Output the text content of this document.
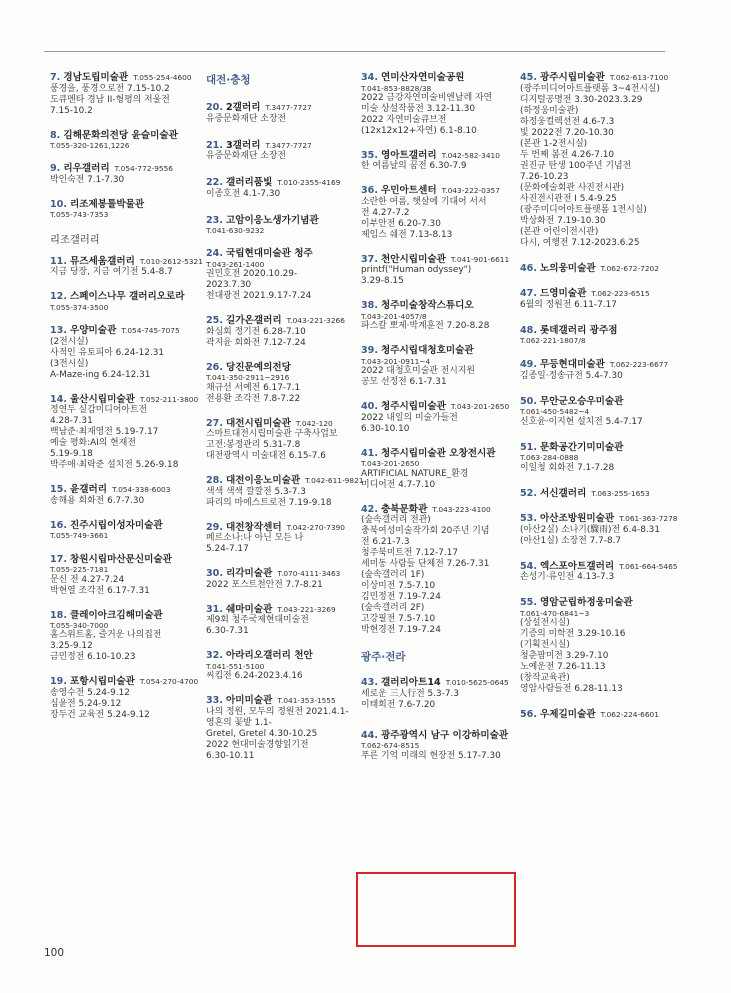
7. 경남도립미술관 T.055-254-4600
풍경을, 풍경으로전 7.15-10.2
도큐멘타 경남 II-형평의 저울전
7.15-10.2
8. 김해문화의전당 윤슬미술관
T.055-320-1261,1226
9. 리우갤러리 T.054-772-9556
박인숙전 7.1-7.30
10. 리조제봉틀박물관
T.055-743-7353
리조갤러리
11. 뮤즈세움갤러리 T.010-2612-5321
지금 당장, 지금 여기전 5.4-8.7
12. 스페이스나무 갤러리오로라
T.055-374-3500
13. 우양미술관 T.054-745-7075
(2전시실)
사적인 유토피아 6.24-12.31
(3전시실)
A-Maze-ing 6.24-12.31
14. 울산시립미술관 T.052-211-3800
정연두 실감미디어아트전
4.28-7.31
백남준·최재영전 5.19-7.17
예술 평화:AI의 현재전
5.19-9.18
박주애·최락준 설치전 5.26-9.18
15. 윤갤러리 T.054-338-6003
송해용 회화전 6.7-7.30
16. 진주시립이성자미술관
T.055-749-3661
17. 창원시립마산문신미술관
T.055-225-7181
문신 전 4.27-7.24
박현열 조각전 6.17-7.31
18. 클레이아크김해미술관
T.055-340-7000
홈스위트홈, 즐거운 나의집전
3.25-9.12
금민정전 6.10-10.23
19. 포항시립미술관 T.054-270-4700
송영수전 5.24-9.12
심윤전 5.24-9.12
장두건 교육전 5.24-9.12
대전·충청
20. 2갤러리 T.3477-7727
유중문화재단 소장전
21. 3갤러리 T.3477-7727
유중문화재단 소장전
22. 갤러리품빛 T.010-2355-4169
이종호전 4.1-7.30
23. 고암이응노생가기념관
T.041-630-9232
24. 국립현대미술관 청주
T.043-261-1400
권민호전 2020.10.29-
2023.7.30
천대광전 2021.9.17-7.24
25. 길가온갤러리 T.043-221-3266
화심회 정기전 6.28-7.10
곽지윤 회화전 7.12-7.24
26. 당진문예의전당
T.041-350-2911~2916
채규선 서예전 6.17-7.1
전용환 조각전 7.8-7.22
27. 대전시립미술관 T.042-120
스마트대전시립미술관 구축사업보
고전:봉정관리 5.31-7.8
대전광역시 미술대전 6.15-7.6
28. 대전이응노미술관 T.042-611-9821
색색 색색 깔깔전 5.3-7.3
파리의 마에스트로전 7.19-9.18
29. 대전창작센터 T.042-270-7390
페르소나:나 아닌 모든 나
5.24-7.17
30. 리각미술관 T.070-4111-3463
2022 포스트천안전 7.7-8.21
31. 쉐마미술관 T.043-221-3269
제9회 청주국제현대미술전
6.30-7.31
32. 아라리오갤러리 천안
T.041-551-5100
씨킴전 6.24-2023.4.16
33. 아미미술관 T.041-353-1555
나의 정원, 모두의 정원전 2021.4.1-
영혼의 꽃밭 1.1-
Gretel, Gretel 4.30-10.25
2022 현대미술경향읽기전
6.30-10.11
34. 연미산자연미술공원
T.041-853-8828/38
2022 금강자연미술비엔날레 자연
미술 상설작품전 3.12-11.30
2022 자연미술큐브전
(12x12x12+자연) 6.1-8.10
35. 영아트갤러리 T.042-582-3410
한 여름날의 꿈전 6.30-7.9
36. 우민아트센터 T.043-222-0357
소란한 여름, 햇살에 기대어 서서
전 4.27-7.2
이부안전 6.20-7.30
제임스 쉐전 7.13-8.13
37. 천안시립미술관 T.041-901-6611
printf("Human odyssey")
3.29-8.15
38. 청주미술창작스튜디오
T.043-201-4057/8
파스칼 뽀제·박계훈전 7.20-8.28
39. 청주시립대청호미술관
T.043-201-0911~4
2022 대청호미술관 전시지원
공모 선정전 6.1-7.31
40. 청주시립미술관 T.043-201-2650
2022 내일의 미술가들전
6.30-10.10
41. 청주시립미술관 오창전시관
T.043-201-2650
ARTIFICIAL NATURE_환경
미디어전 4.7-7.10
42. 충북문화관 T.043-223-4100
(숲속갤러리 전관)
충북여성미술작가회 20주년 기념
전 6.21-7.3
청주북미트전 7.12-7.17
세미동 사람들 단체전 7.26-7.31
(숲속갤러리 1F)
이상미전 7.5-7.10
김민정전 7.19-7.24
(숲속갤러리 2F)
고강필전 7.5-7.10
박현경전 7.19-7.24
광주·전라
43. 갤러리아트14 T.010-5625-0645
세로운 三人行전 5.3-7.3
이태희전 7.6-7.20
44. 광주광역시 남구 이강하미술관
T.062-674-8515
푸른 기억 미래의 현장전 5.17-7.30
45. 광주시립미술관 T.062-613-7100
(광주미디어아트플랫폼 3~4전시실)
디지털공명전 3.30-2023.3.29
(하정웅미술관)
하정웅컬렉션전 4.6-7.3
빛 2022전 7.20-10.30
(본관 1-2전시실)
두 번째 봄전 4.26-7.10
권진규 탄생 100주년 기념전
7.26-10.23
(문화예술회관 사진전시관)
사진전시관전 I 5.4-9.25
(광주미디어아트플랫폼 1전시실)
박상화전 7.19-10.30
(본관 어린이전시관)
다시, 여행전 7.12-2023.6.25
46. 노의웅미술관 T.062-672-7202
47. 드영미술관 T.062-223-6515
6월의 정원전 6.11-7.17
48. 롯데갤러리 광주점
T.062-221-1807/8
49. 무등현대미술관 T.062-223-6677
김종일·정송규전 5.4-7.30
50. 무안군오승우미술관
T.061-450-5482~4
신호윤·이지현 설치전 5.4-7.17
51. 문화공간기미미술관
T.063-284-0888
이일청 회화전 7.1-7.28
52. 서신갤러리 T.063-255-1653
53. 아산조방원미술관 T.061-363-7278
(아산2실) 소나기(驟雨)전 6.4-8.31
(아산1실) 소장전 7.7-8.7
54. 엑스포아트갤러리 T.061-664-5465
손성기·류인전 4.13-7.3
55. 영암군립하정웅미술관
T.061-470-6841~3
(상설전시실)
기증의 미학전 3.29-10.16
(기획전시실)
청춘팝미전 3.29-7.10
노예운전 7.26-11.13
(창작교육관)
영암사람들전 6.28-11.13
56. 우제길미술관 T.062-224-6601
100
